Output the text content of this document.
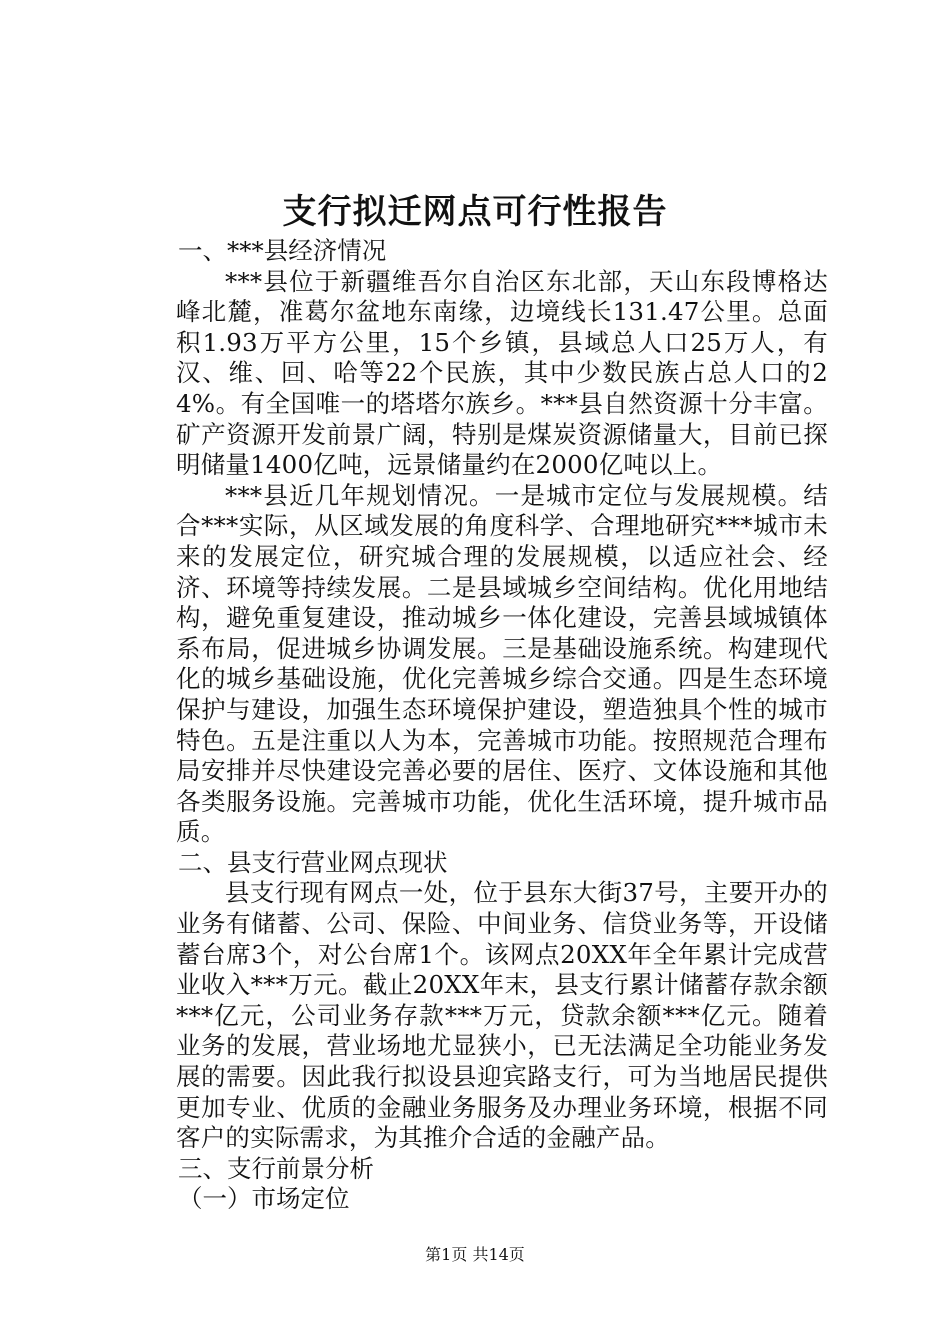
支行拟迁网点可行性报告

一、***县经济情况

***县位于新疆维吾尔自治区东北部，天山东段博格达峰北麓，准葛尔盆地东南缘，边境线长131.47公里。总面积1.93万平方公里，15个乡镇，县域总人口25万人，有汉、维、回、哈等22个民族，其中少数民族占总人口的24%。有全国唯一的塔塔尔族乡。***县自然资源十分丰富。矿产资源开发前景广阔，特别是煤炭资源储量大，目前已探明储量1400亿吨，远景储量约在2000亿吨以上。

***县近几年规划情况。一是城市定位与发展规模。结合***实际，从区域发展的角度科学、合理地研究***城市未来的发展定位，研究城合理的发展规模，以适应社会、经济、环境等持续发展。二是县域城乡空间结构。优化用地结构，避免重复建设，推动城乡一体化建设，完善县域城镇体系布局，促进城乡协调发展。三是基础设施系统。构建现代化的城乡基础设施，优化完善城乡综合交通。四是生态环境保护与建设，加强生态环境保护建设，塑造独具个性的城市特色。五是注重以人为本，完善城市功能。按照规范合理布局安排并尽快建设完善必要的居住、医疗、文体设施和其他各类服务设施。完善城市功能，优化生活环境，提升城市品质。

二、县支行营业网点现状

县支行现有网点一处，位于县东大街37号，主要开办的业务有储蓄、公司、保险、中间业务、信贷业务等，开设储蓄台席3个，对公台席1个。该网点20XX年全年累计完成营业收入***万元。截止20XX年末，县支行累计储蓄存款余额***亿元，公司业务存款***万元，贷款余额***亿元。随着业务的发展，营业场地尤显狭小，已无法满足全功能业务发展的需要。因此我行拟设县迎宾路支行，可为当地居民提供更加专业、优质的金融业务服务及办理业务环境，根据不同客户的实际需求，为其推介合适的金融产品。

三、支行前景分析

（一）市场定位

第1页 共14页
